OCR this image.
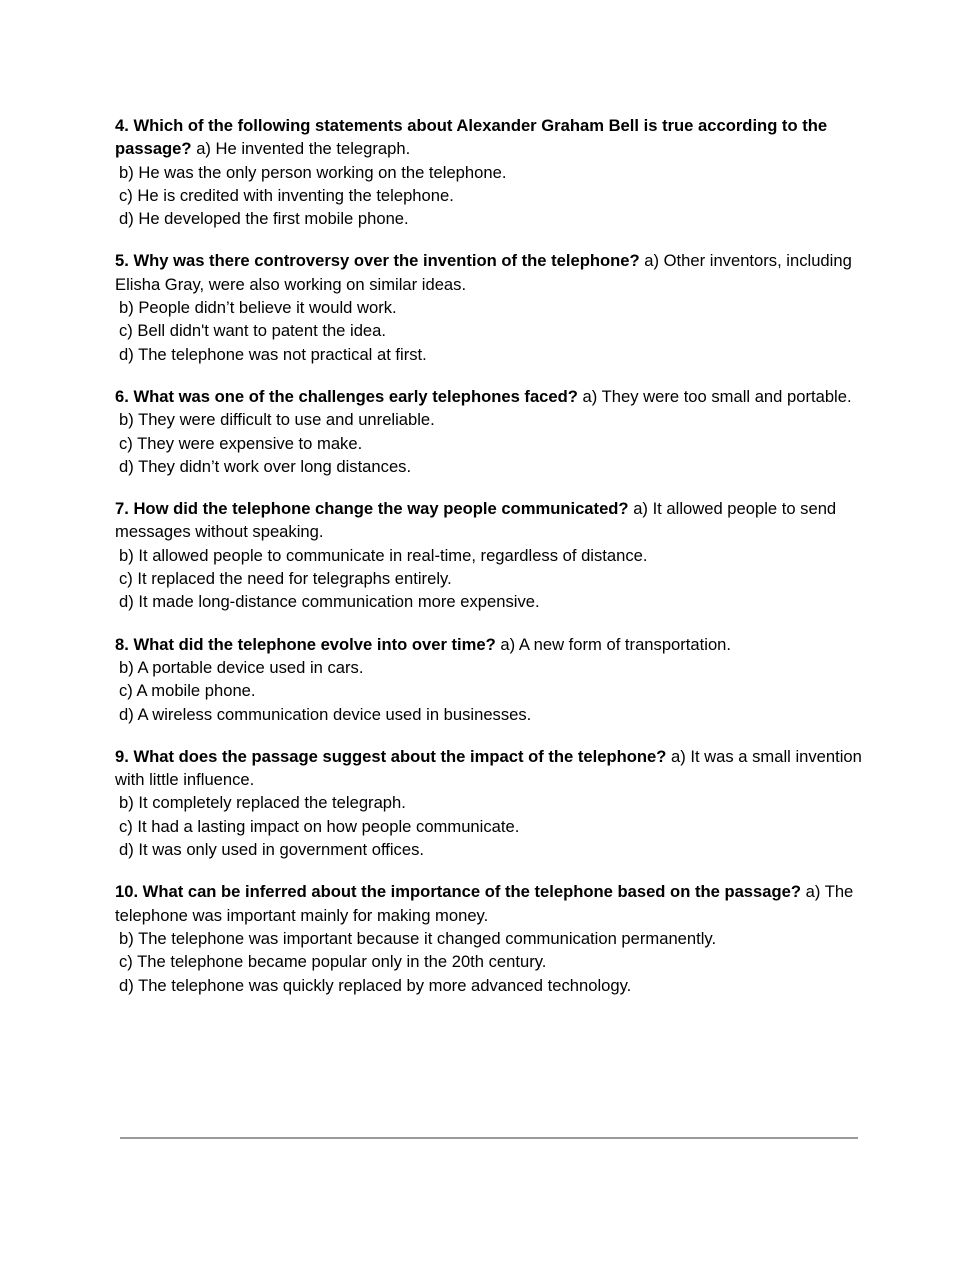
4. Which of the following statements about Alexander Graham Bell is true according to the passage? a) He invented the telegraph.

b) He was the only person working on the telephone.

c) He is credited with inventing the telephone.

d) He developed the first mobile phone.

5. Why was there controversy over the invention of the telephone? a) Other inventors, including Elisha Gray, were also working on similar ideas.

b) People didn’t believe it would work.

c) Bell didn't want to patent the idea.

d) The telephone was not practical at first.

6. What was one of the challenges early telephones faced? a) They were too small and portable.

b) They were difficult to use and unreliable.

c) They were expensive to make.

d) They didn’t work over long distances.

7. How did the telephone change the way people communicated? a) It allowed people to send messages without speaking.

b) It allowed people to communicate in real-time, regardless of distance.

c) It replaced the need for telegraphs entirely.

d) It made long-distance communication more expensive.

8. What did the telephone evolve into over time? a) A new form of transportation.

b) A portable device used in cars.

c) A mobile phone.

d) A wireless communication device used in businesses.

9. What does the passage suggest about the impact of the telephone? a) It was a small invention with little influence.

b) It completely replaced the telegraph.

c) It had a lasting impact on how people communicate.

d) It was only used in government offices.

10. What can be inferred about the importance of the telephone based on the passage? a) The telephone was important mainly for making money.

b) The telephone was important because it changed communication permanently.

c) The telephone became popular only in the 20th century.

d) The telephone was quickly replaced by more advanced technology.
